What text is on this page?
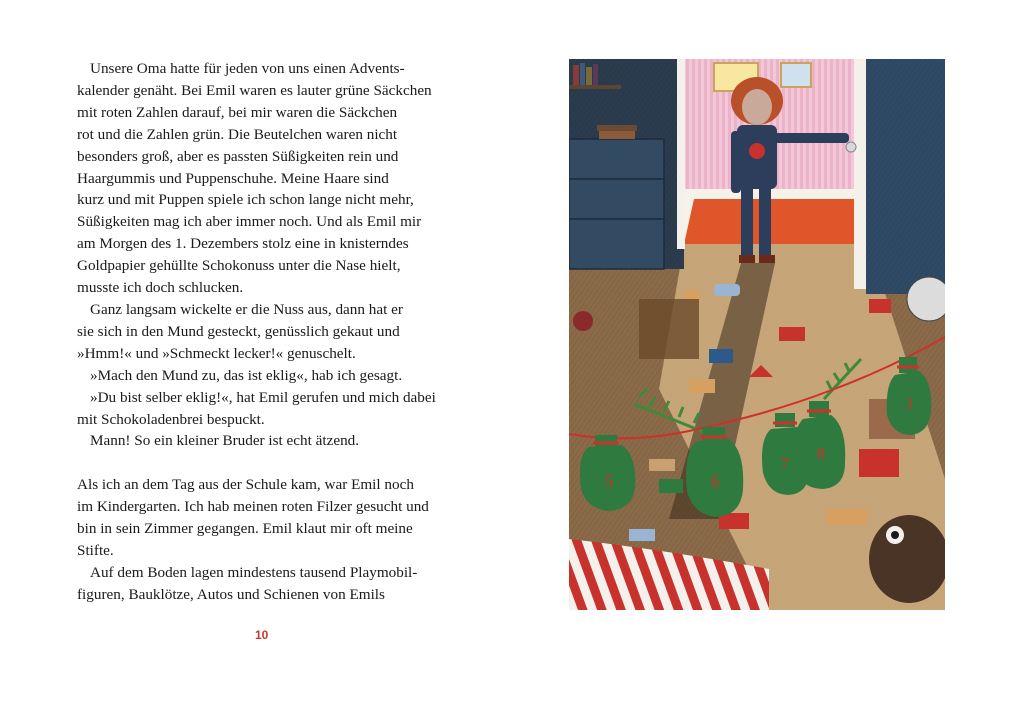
Unsere Oma hatte für jeden von uns einen Advents-
kalender genäht. Bei Emil waren es lauter grüne Säckchen
mit roten Zahlen darauf, bei mir waren die Säckchen
rot und die Zahlen grün. Die Beutelchen waren nicht
besonders groß, aber es passten Süßigkeiten rein und
Haargummis und Puppenschuhe. Meine Haare sind
kurz und mit Puppen spiele ich schon lange nicht mehr,
Süßigkeiten mag ich aber immer noch. Und als Emil mir
am Morgen des 1. Dezembers stolz eine in knisterndes
Goldpapier gehüllte Schokonuss unter die Nase hielt,
musste ich doch schlucken.
Ganz langsam wickelte er die Nuss aus, dann hat er
sie sich in den Mund gesteckt, genüsslich gekaut und
»Hmm!« und »Schmeckt lecker!« genuschelt.
»Mach den Mund zu, das ist eklig«, hab ich gesagt.
»Du bist selber eklig!«, hat Emil gerufen und mich dabei
mit Schokoladenbrei bespuckt.
Mann! So ein kleiner Bruder ist echt ätzend.
Als ich an dem Tag aus der Schule kam, war Emil noch
im Kindergarten. Ich hab meinen roten Filzer gesucht und
bin in sein Zimmer gegangen. Emil klaut mir oft meine
Stifte.
Auf dem Boden lagen mindestens tausend Playmobil-
figuren, Bauklötze, Autos und Schienen von Emils
10
5	6
7
8
3
